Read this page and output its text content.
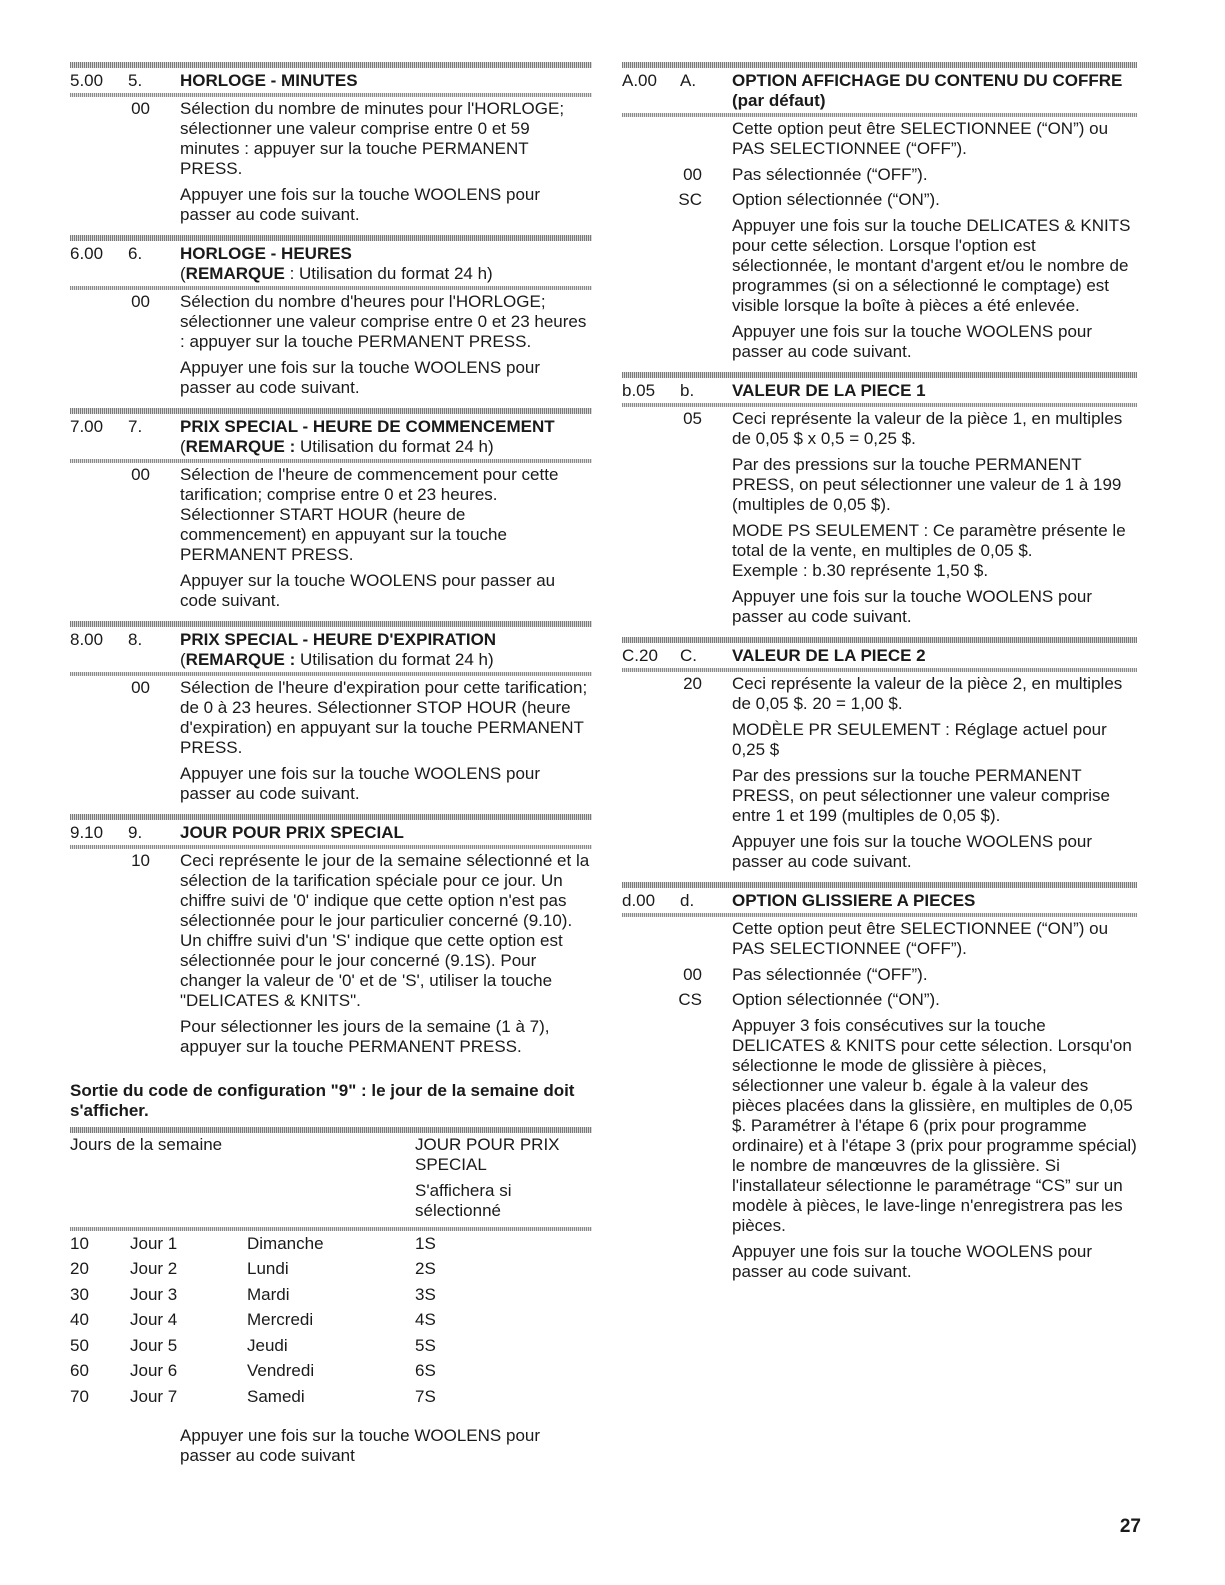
5.00	5.	HORLOGE - MINUTES
00	Sélection du nombre de minutes pour l'HORLOGE; sélectionner une valeur comprise entre 0 et 59 minutes : appuyer sur la touche PERMANENT PRESS.

Appuyer une fois sur la touche WOOLENS pour passer au code suivant.

6.00	6.	HORLOGE - HEURES
(REMARQUE : Utilisation du format 24 h)
00	Sélection du nombre d'heures pour l'HORLOGE; sélectionner une valeur comprise entre 0 et 23 heures : appuyer sur la touche PERMANENT PRESS.

Appuyer une fois sur la touche WOOLENS pour passer au code suivant.

7.00	7.	PRIX SPECIAL - HEURE DE COMMENCEMENT
(REMARQUE : Utilisation du format 24 h)
00	Sélection de l'heure de commencement pour cette tarification; comprise entre 0 et 23 heures. Sélectionner START HOUR (heure de commencement) en appuyant sur la touche PERMANENT PRESS.

Appuyer sur la touche WOOLENS pour passer au code suivant.

8.00	8.	PRIX SPECIAL - HEURE D'EXPIRATION
(REMARQUE : Utilisation du format 24 h)
00	Sélection de l'heure d'expiration pour cette tarification; de 0 à 23 heures. Sélectionner STOP HOUR (heure d'expiration) en appuyant sur la touche PERMANENT PRESS.

Appuyer une fois sur la touche WOOLENS pour passer au code suivant.

9.10	9.	JOUR POUR PRIX SPECIAL
10	Ceci représente le jour de la semaine sélectionné et la sélection de la tarification spéciale pour ce jour. Un chiffre suivi de '0' indique que cette option n'est pas sélectionnée pour le jour particulier concerné (9.10). Un chiffre suivi d'un 'S' indique que cette option est sélectionnée pour le jour concerné (9.1S). Pour changer la valeur de '0' et de 'S', utiliser la touche "DELICATES & KNITS".

Pour sélectionner les jours de la semaine (1 à 7), appuyer sur la touche PERMANENT PRESS.

Sortie du code de configuration "9" : le jour de la semaine doit s'afficher.
Jours de la semaine	JOUR POUR PRIX SPECIAL

S'affichera si sélectionné

10	Jour 1	Dimanche	1S
20	Jour 2	Lundi	2S
30	Jour 3	Mardi	3S
40	Jour 4	Mercredi	4S
50	Jour 5	Jeudi	5S
60	Jour 6	Vendredi	6S
70	Jour 7	Samedi	7S

Appuyer une fois sur la touche WOOLENS pour passer au code suivant

A.00	A.	OPTION AFFICHAGE DU CONTENU DU COFFRE (par défaut)

Cette option peut être SELECTIONNEE (“ON”) ou PAS SELECTIONNEE (“OFF”).

00	Pas sélectionnée (“OFF”).
SC	Option sélectionnée (“ON”).

Appuyer une fois sur la touche DELICATES & KNITS pour cette sélection. Lorsque l'option est sélectionnée, le montant d'argent et/ou le nombre de programmes (si on a sélectionné le comptage) est visible lorsque la boîte à pièces a été enlevée.

Appuyer une fois sur la touche WOOLENS pour passer au code suivant.

b.05	b.	VALEUR DE LA PIECE 1
05	Ceci représente la valeur de la pièce 1, en multiples de 0,05 $ x 0,5 = 0,25 $.

Par des pressions sur la touche PERMANENT PRESS, on peut sélectionner une valeur de 1 à 199 (multiples de 0,05 $).

MODE PS SEULEMENT : Ce paramètre présente le total de la vente, en multiples de 0,05 $.
Exemple : b.30 représente 1,50 $.

Appuyer une fois sur la touche WOOLENS pour passer au code suivant.

C.20	C.	VALEUR DE LA PIECE 2
20	Ceci représente la valeur de la pièce 2, en multiples de 0,05 $. 20 = 1,00 $.

MODÈLE PR SEULEMENT : Réglage actuel pour 0,25 $

Par des pressions sur la touche PERMANENT PRESS, on peut sélectionner une valeur comprise entre 1 et 199 (multiples de 0,05 $).

Appuyer une fois sur la touche WOOLENS pour passer au code suivant.

d.00	d.	OPTION GLISSIERE A PIECES

Cette option peut être SELECTIONNEE (“ON”) ou PAS SELECTIONNEE (“OFF”).

00	Pas sélectionnée (“OFF”).
CS	Option sélectionnée (“ON”).

Appuyer 3 fois consécutives sur la touche DELICATES & KNITS pour cette sélection. Lorsqu'on sélectionne le mode de glissière à pièces, sélectionner une valeur b. égale à la valeur des pièces placées dans la glissière, en multiples de 0,05 $. Paramétrer à l'étape 6 (prix pour programme ordinaire) et à l'étape 3 (prix pour programme spécial) le nombre de manœuvres de la glissière. Si l'installateur sélectionne le paramétrage “CS” sur un modèle à pièces, le lave-linge n'enregistrera pas les pièces.

Appuyer une fois sur la touche WOOLENS pour passer au code suivant.

27
